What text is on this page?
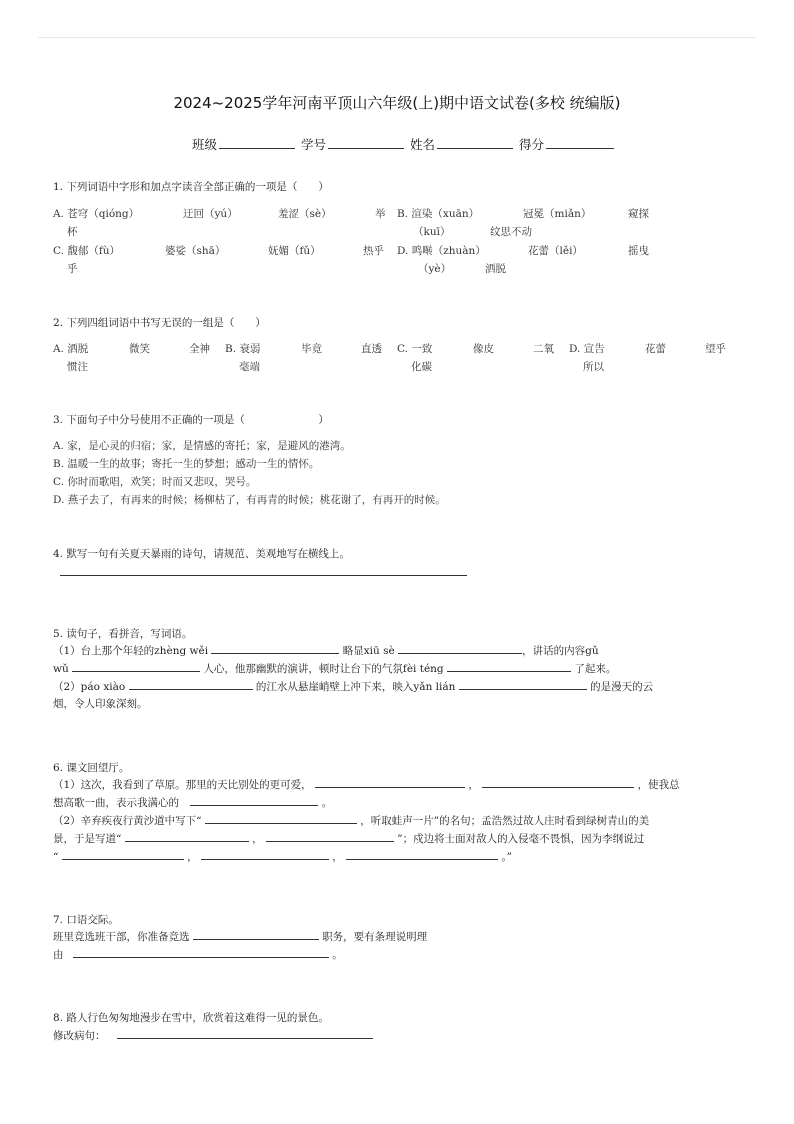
2024~2025学年河南平顶山六年级(上)期中语文试卷(多校 统编版)
班级	学号	姓名	得分
1. 下列词语中字形和加点字读音全部正确的一项是（　　）
A. 苍穹（qióng）	迂回（yú）	羞涩（sè）	举
杯
B. 渲染（xuān）	冠冕（miǎn）	窥探
（kuī）	纹思不动
C. 馥郁（fù）	婆娑（shā）	妩媚（fǔ）	热乎
乎
D. 鸣啭（zhuàn）	花蕾（lěi）	摇曳
（yè）	洒脱
2. 下列四组词语中书写无误的一组是（　　）
A. 洒脱	微笑	全神
惯注
B. 衰弱	毕竟	直透
毫端
C. 一致	像皮	二氧
化碳
D. 宣告	花蕾	望乎
所以
3. 下面句子中分号使用不正确的一项是（　　　　　　　）
A. 家，是心灵的归宿；家，是情感的寄托；家，是避风的港湾。
B. 温暖一生的故事；寄托一生的梦想；感动一生的情怀。
C. 你时而歌唱，欢笑；时而又悲叹，哭号。
D. 燕子去了，有再来的时候；杨柳枯了，有再青的时候；桃花谢了，有再开的时候。
4. 默写一句有关夏天暴雨的诗句，请规范、美观地写在横线上。
5. 读句子，看拼音，写词语。
（1）台上那个年轻的zhèng wěi	略显xiū sè	，讲话的内容gǔ
wǔ	人心，他那幽默的演讲，顿时让台下的气氛fèi téng	了起来。
（2）páo xiào	的江水从悬崖峭壁上冲下来，映入yǎn lián	的是漫天的云
烟，令人印象深刻。
6. 课文回望厅。
（1）这次，我看到了草原。那里的天比别处的更可爱，	，	，使我总
想高歌一曲，表示我满心的	。
（2）辛弃疾夜行黄沙道中写下“	，听取蛙声一片”的名句；孟浩然过故人庄时看到绿树青山的美
景，于是写道“	，	”；戍边将士面对敌人的入侵毫不畏惧，因为李纲说过
“	，	，	。”
7. 口语交际。
班里竞选班干部，你准备竞选	职务，要有条理说明理
由	。
8. 路人行色匆匆地漫步在雪中，欣赏着这难得一见的景色。
修改病句：
